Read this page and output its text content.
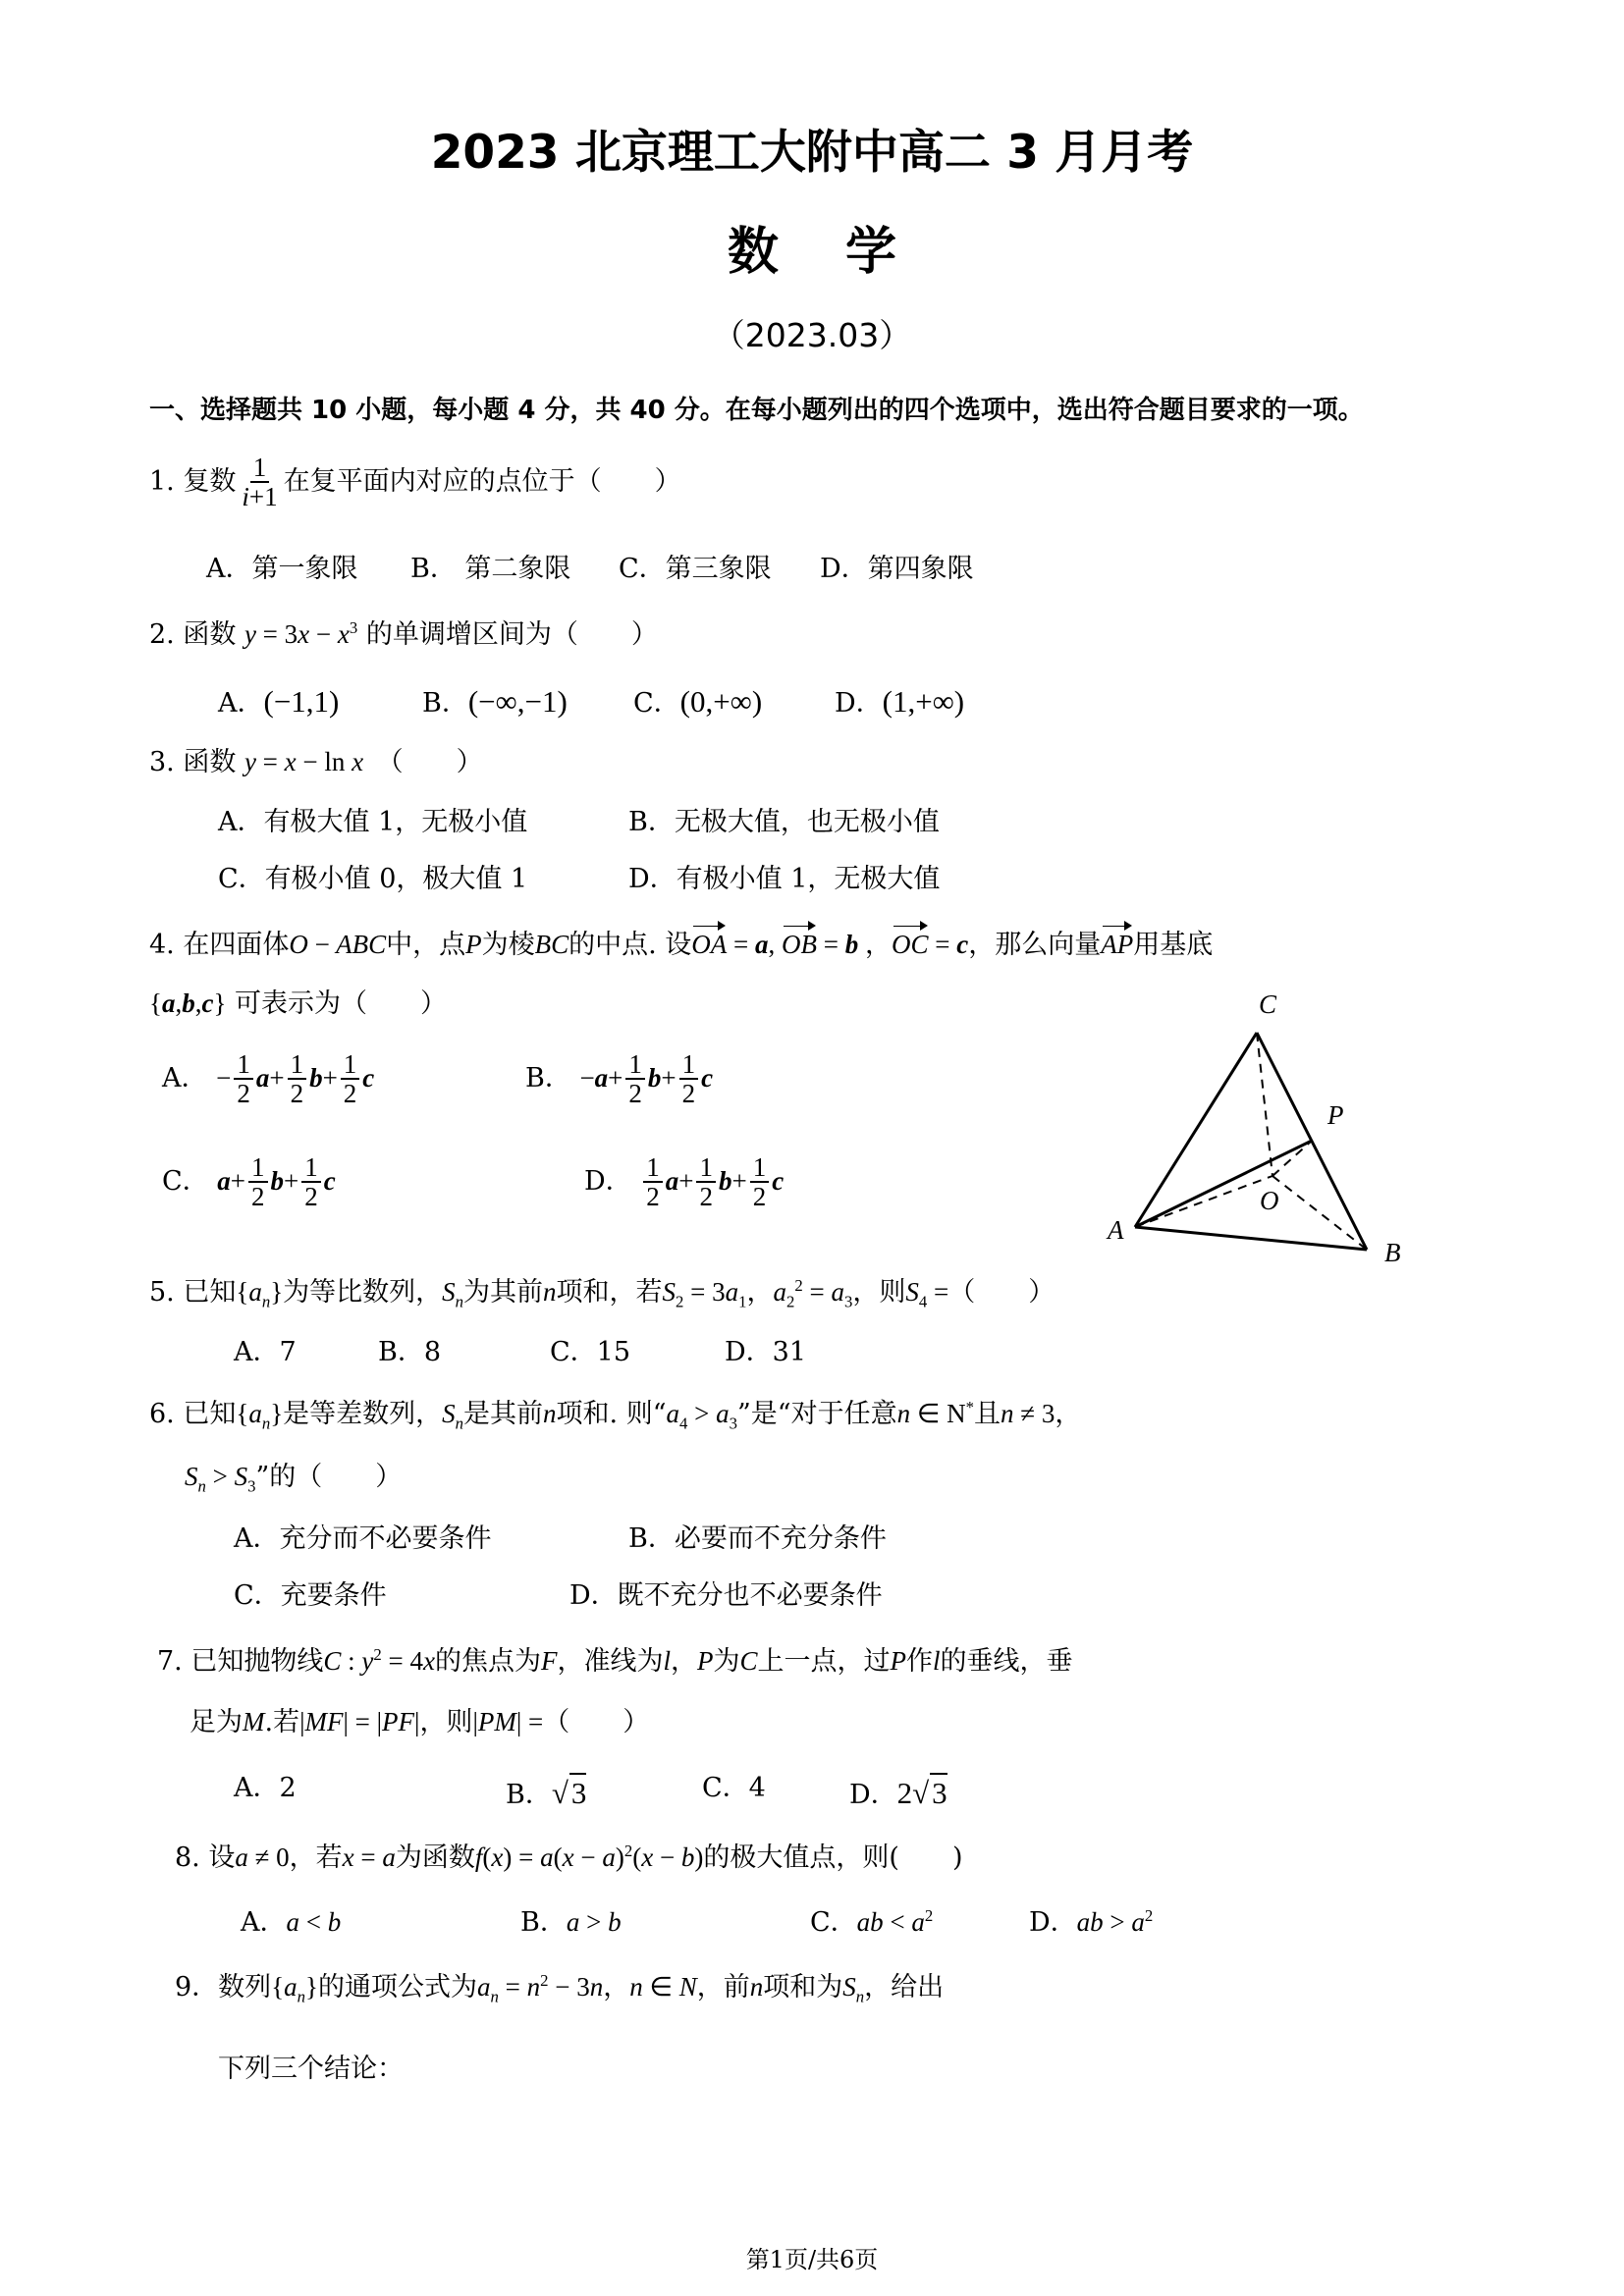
2023 北京理工大附中高二 3 月月考
数学
（2023.03）
一、选择题共 10 小题，每小题 4 分，共 40 分。在每小题列出的四个选项中，选出符合题目要求的一项。
1. 复数 $\frac{1}{i+1}$ 在复平面内对应的点位于（　　）
A．第一象限 B． 第二象限 C．第三象限 D．第四象限
2. 函数 $y = 3x - x^3$ 的单调增区间为（　　）
A．(−1,1)	B．(−∞,−1) C．(0,+∞)	D．(1,+∞)
3. 函数 y = x − ln x　 （　　）
A．有极大值 1，无极小值	B．无极大值，也无极小值
C．有极小值 0，极大值 1	D．有极小值 1，无极大值
4. 在四面体O − ABC中，点P为棱BC的中点. 设OA = a, OB = b ，OC = c，那么向量AP用基底
{a,b,c} 可表示为（　　）
A． − $\frac{1}{2} a+ \frac{1}{2} b+ \frac{1}{2}$ c	B． $-a+ \frac{1}{2} b+ \frac{1}{2}$ c
C． $a+ \frac{1}{2} b+ \frac{1}{2}$ c	D． $\frac{1}{2} a+ \frac{1}{2} b+ \frac{1}{2}$ c
C
P
O
A
B
5. 已知$\{a_n\}$为等比数列，$S_n$为其前n项和，若$S_2 = 3a_1$，$a_2^2 = a_3$，则$S_4$ =（　　）
A．7	B．8	C．15	D．31
6. 已知$\{a_n\}$是等差数列，$S_n$是其前n项和. 则“$a_4 > a_3$”是“对于任意n ∈ N*且n ≠ 3，
$S_n > S_3$”的（　　）
A．充分而不必要条件	B．必要而不充分条件
C．充要条件	D．既不充分也不必要条件
7. 已知抛物线C : $y^2 = 4x$的焦点为F，准线为l，P为C上一点，过P作l的垂线，垂
足为M.若|MF| = |PF|，则|PM| =（　　）
A．2	B．√3	C．4	D．2√3
8. 设a ≠ 0，若x = a为函数$f(x) = a(x - a)^2(x - b)$的极大值点，则(　　)
A．a < b	B．a > b	C．ab < $a^2$	D．ab > $a^2$
9．数列$\{a_n\}$的通项公式为$a_n = n^2 - 3n$，n ∈ N，前n项和为$S_n$，给出
下列三个结论：
第1页/共6页
